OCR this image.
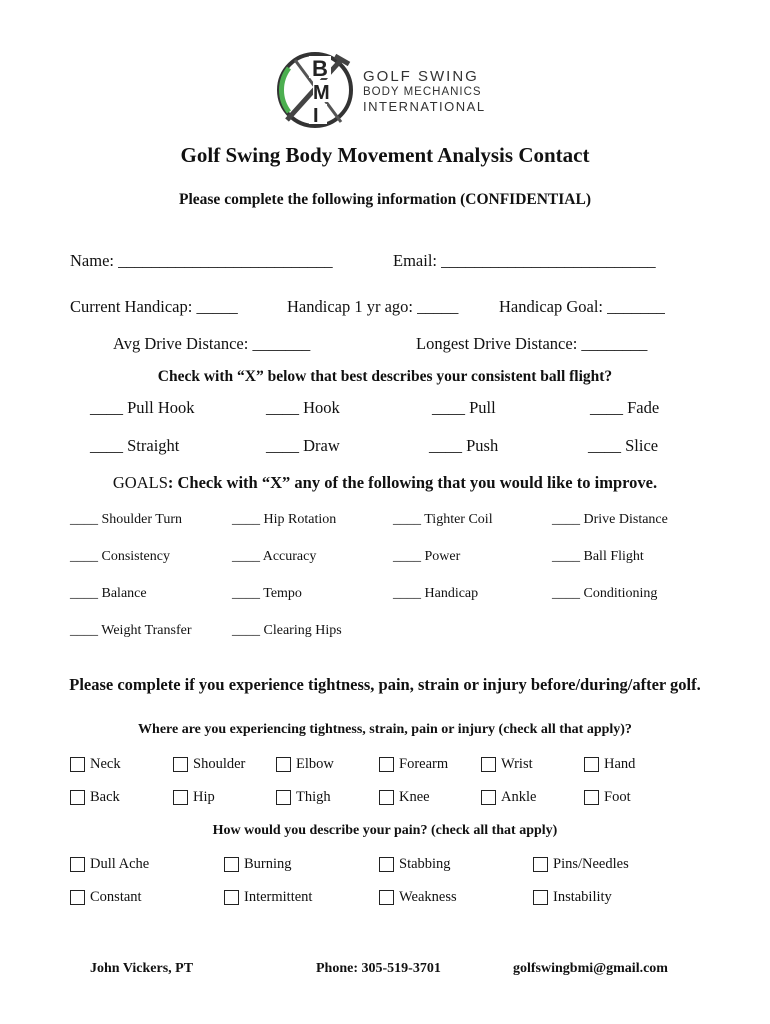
B
M
I
GOLF SWING
BODY MECHANICS
INTERNATIONAL
Golf Swing Body Movement Analysis Contact
Please complete the following information (CONFIDENTIAL)
Name: __________________________	Email: __________________________
Current Handicap: _____	Handicap 1 yr ago: _____ Handicap Goal: _______
Avg Drive Distance: _______	Longest Drive Distance: ________
Check with “X” below that best describes your consistent ball flight?
____ Pull Hook	____ Hook	____ Pull	____ Fade
____ Straight	____ Draw	____ Push	____ Slice
GOALS: Check with “X” any of the following that you would like to improve.
____ Shoulder Turn	____ Hip Rotation	____ Tighter Coil	____ Drive Distance
____ Consistency	____ Accuracy	____ Power	____ Ball Flight
____ Balance	____ Tempo	____ Handicap	____ Conditioning
____ Weight Transfer	____ Clearing Hips
Please complete if you experience tightness, pain, strain or injury before/during/after golf.
Where are you experiencing tightness, strain, pain or injury (check all that apply)?
Neck	Shoulder	Elbow	Forearm	Wrist	Hand
Back	Hip	Thigh	Knee	Ankle	Foot
How would you describe your pain? (check all that apply)
Dull Ache	Burning	Stabbing	Pins/Needles
Constant	Intermittent	Weakness	Instability
John Vickers, PT	Phone: 305-519-3701	golfswingbmi@gmail.com
